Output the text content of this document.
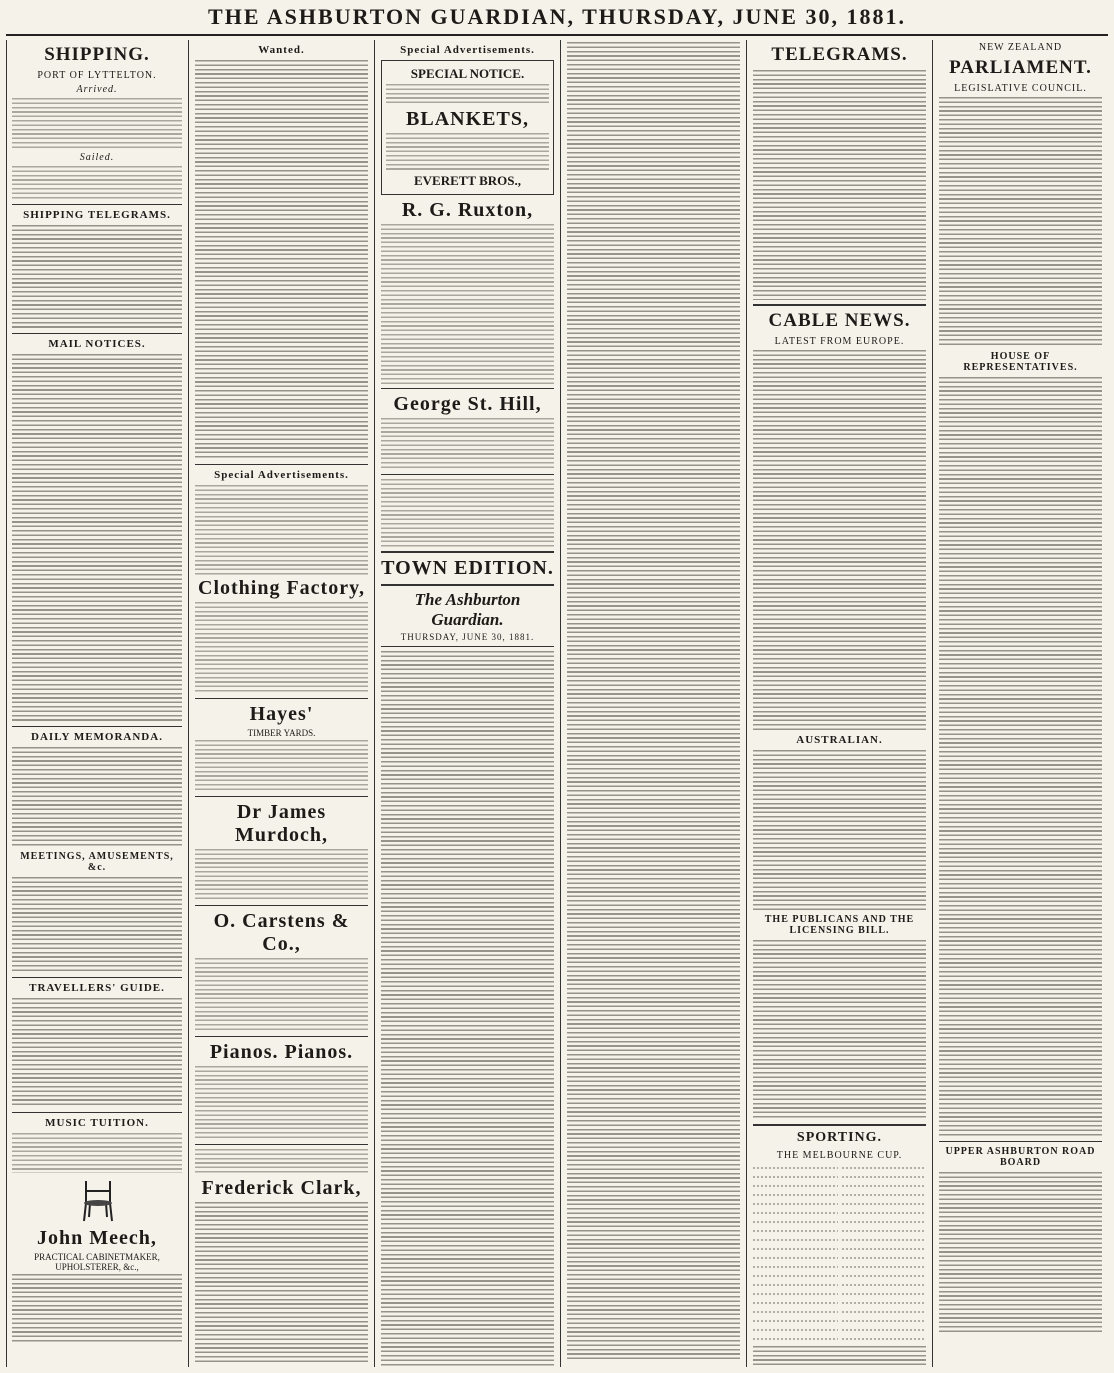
THE ASHBURTON GUARDIAN, THURSDAY, JUNE 30, 1881.
SHIPPING.
PORT OF LYTTELTON.
Arrived.
Sailed.
SHIPPING TELEGRAMS.
MAIL NOTICES.
DAILY MEMORANDA.
MEETINGS, AMUSEMENTS, &c.
TRAVELLERS' GUIDE.
MUSIC TUITION.
John Meech,
PRACTICAL CABINETMAKER, UPHOLSTERER, &c.,
Wanted.
Special Advertisements.
Clothing Factory,
Hayes'
TIMBER YARDS.
Dr James Murdoch,
O. Carstens & Co.,
Pianos. Pianos.
Frederick Clark,
Special Advertisements.
SPECIAL NOTICE.
BLANKETS,
EVERETT BROS.,
R. G. Ruxton,
George St. Hill,
TOWN EDITION.
The Ashburton Guardian.
THURSDAY, JUNE 30, 1881.
TELEGRAMS.
CABLE NEWS.
LATEST FROM EUROPE.
AUSTRALIAN.
THE PUBLICANS AND THE LICENSING BILL.
SPORTING.
THE MELBOURNE CUP.
NEW ZEALAND
PARLIAMENT.
LEGISLATIVE COUNCIL.
HOUSE OF REPRESENTATIVES.
UPPER ASHBURTON ROAD BOARD
